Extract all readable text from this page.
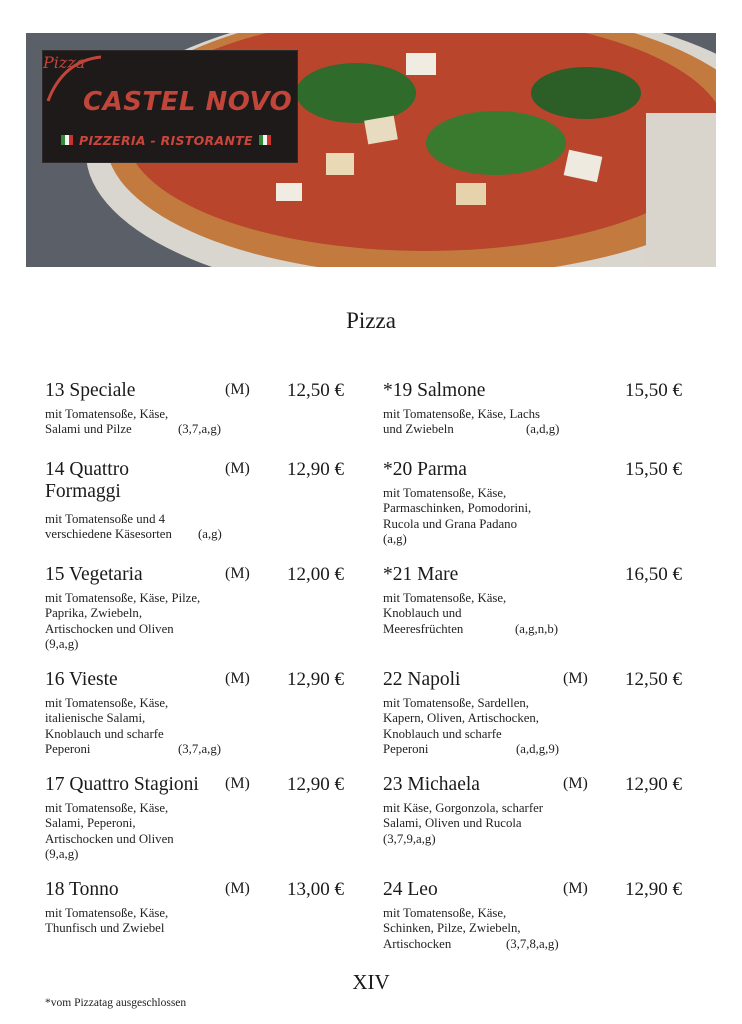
Pizza
CASTEL NOVO
PIZZERIA - RISTORANTE
Pizza
13 Speciale	(M) 12,50 €
mit Tomatensoße, Käse,
Salami und Pilze	(3,7,a,g)
14 Quattro Formaggi
(M) 12,90 €
mit Tomatensoße und 4
verschiedene Käsesorten (a,g)
15 Vegetaria	(M) 12,00 €
mit Tomatensoße, Käse, Pilze,
Paprika, Zwiebeln,
Artischocken und Oliven
(9,a,g)
16 Vieste	(M) 12,90 €
mit Tomatensoße, Käse,
italienische Salami,
Knoblauch und scharfe
Peperoni	(3,7,a,g)
17 Quattro Stagioni (M) 12,90 €
mit Tomatensoße, Käse,
Salami, Peperoni,
Artischocken und Oliven
(9,a,g)
18 Tonno	(M) 13,00 €
mit Tomatensoße, Käse,
Thunfisch und Zwiebel
*19 Salmone	15,50 €
mit Tomatensoße, Käse, Lachs
und Zwiebeln	(a,d,g)
*20 Parma	15,50 €
mit Tomatensoße, Käse,
Parmaschinken, Pomodorini,
Rucola und Grana Padano
(a,g)
*21 Mare	16,50 €
mit Tomatensoße, Käse,
Knoblauch und
Meeresfrüchten	(a,g,n,b)
22 Napoli	(M) 12,50 €
mit Tomatensoße, Sardellen,
Kapern, Oliven, Artischocken,
Knoblauch und scharfe
Peperoni	(a,d,g,9)
23 Michaela	(M) 12,90 €
mit Käse, Gorgonzola, scharfer
Salami, Oliven und Rucola
(3,7,9,a,g)
24 Leo	(M) 12,90 €
mit Tomatensoße, Käse,
Schinken, Pilze, Zwiebeln,
Artischocken	(3,7,8,a,g)
XIV
*vom Pizzatag ausgeschlossen
